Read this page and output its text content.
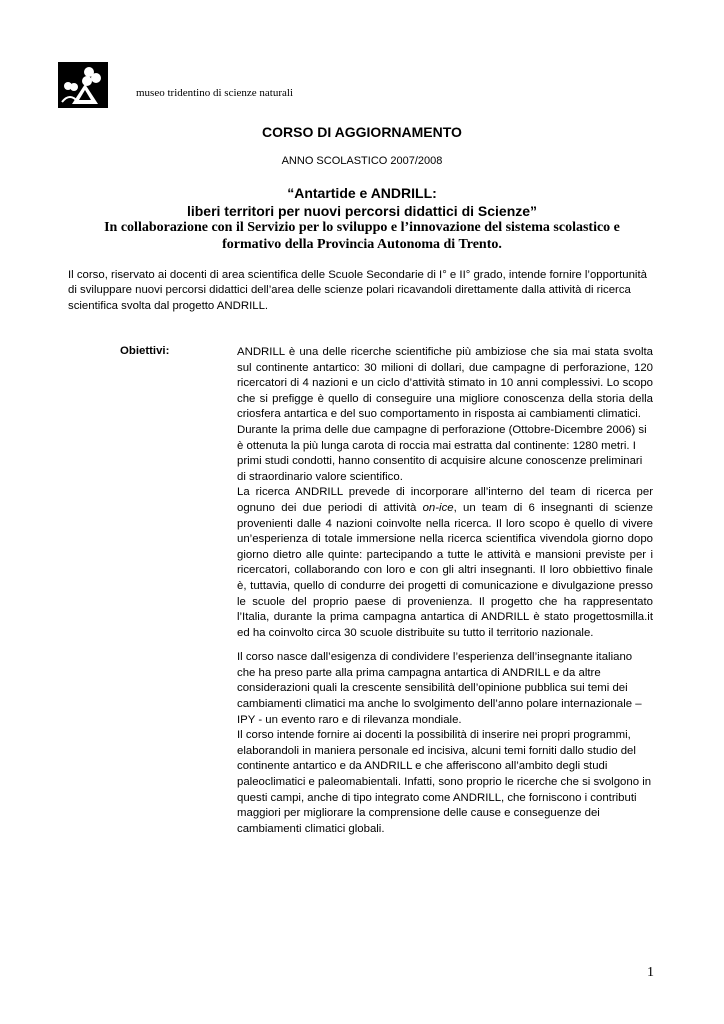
museo tridentino di scienze naturali
CORSO DI AGGIORNAMENTO
ANNO SCOLASTICO 2007/2008
“Antartide e ANDRILL:
liberi territori per nuovi percorsi didattici di Scienze”
In collaborazione con il Servizio per lo sviluppo e l’innovazione del sistema scolastico e
formativo della Provincia Autonoma di Trento.
Il corso, riservato ai docenti di area scientifica delle Scuole Secondarie di I° e II° grado, intende fornire l’opportunità di sviluppare nuovi percorsi didattici dell’area delle scienze polari ricavandoli direttamente dalla attività di ricerca scientifica svolta dal progetto ANDRILL.
Obiettivi:	ANDRILL è una delle ricerche scientifiche più ambiziose che sia mai stata svolta sul continente antartico: 30 milioni di dollari, due campagne di perforazione, 120 ricercatori di 4 nazioni e un ciclo d’attività stimato in 10 anni complessivi. Lo scopo che si prefigge è quello di conseguire una migliore conoscenza della storia della criosfera antartica e del suo comportamento in risposta ai cambiamenti climatici.

Durante la prima delle due campagne di perforazione (Ottobre-Dicembre 2006) si è ottenuta la più lunga carota di roccia mai estratta dal continente: 1280 metri. I primi studi condotti, hanno consentito di acquisire alcune conoscenze preliminari di straordinario valore scientifico.

La ricerca ANDRILL prevede di incorporare all’interno del team di ricerca per ognuno dei due periodi di attività on-ice, un team di 6 insegnanti di scienze provenienti dalle 4 nazioni coinvolte nella ricerca. Il loro scopo è quello di vivere un’esperienza di totale immersione nella ricerca scientifica vivendola giorno dopo giorno dietro alle quinte: partecipando a tutte le attività e mansioni previste per i ricercatori, collaborando con loro e con gli altri insegnanti. Il loro obbiettivo finale è, tuttavia, quello di condurre dei progetti di comunicazione e divulgazione presso le scuole del proprio paese di provenienza. Il progetto che ha rappresentato l’Italia, durante la prima campagna antartica di ANDRILL è stato progettosmilla.it ed ha coinvolto circa 30 scuole distribuite su tutto il territorio nazionale.

Il corso nasce dall’esigenza di condividere l’esperienza dell’insegnante italiano che ha preso parte alla prima campagna antartica di ANDRILL e da altre considerazioni quali la crescente sensibilità dell’opinione pubblica sui temi dei cambiamenti climatici ma anche lo svolgimento dell’anno polare internazionale – IPY - un evento raro e di rilevanza mondiale.

Il corso intende fornire ai docenti la possibilità di inserire nei propri programmi, elaborandoli in maniera personale ed incisiva, alcuni temi forniti dallo studio del continente antartico e da ANDRILL e che afferiscono all’ambito degli studi paleoclimatici e paleomabientali. Infatti, sono proprio le ricerche che si svolgono in questi campi, anche di tipo integrato come ANDRILL, che forniscono i contributi maggiori per migliorare la comprensione delle cause e conseguenze dei cambiamenti climatici globali.

1
